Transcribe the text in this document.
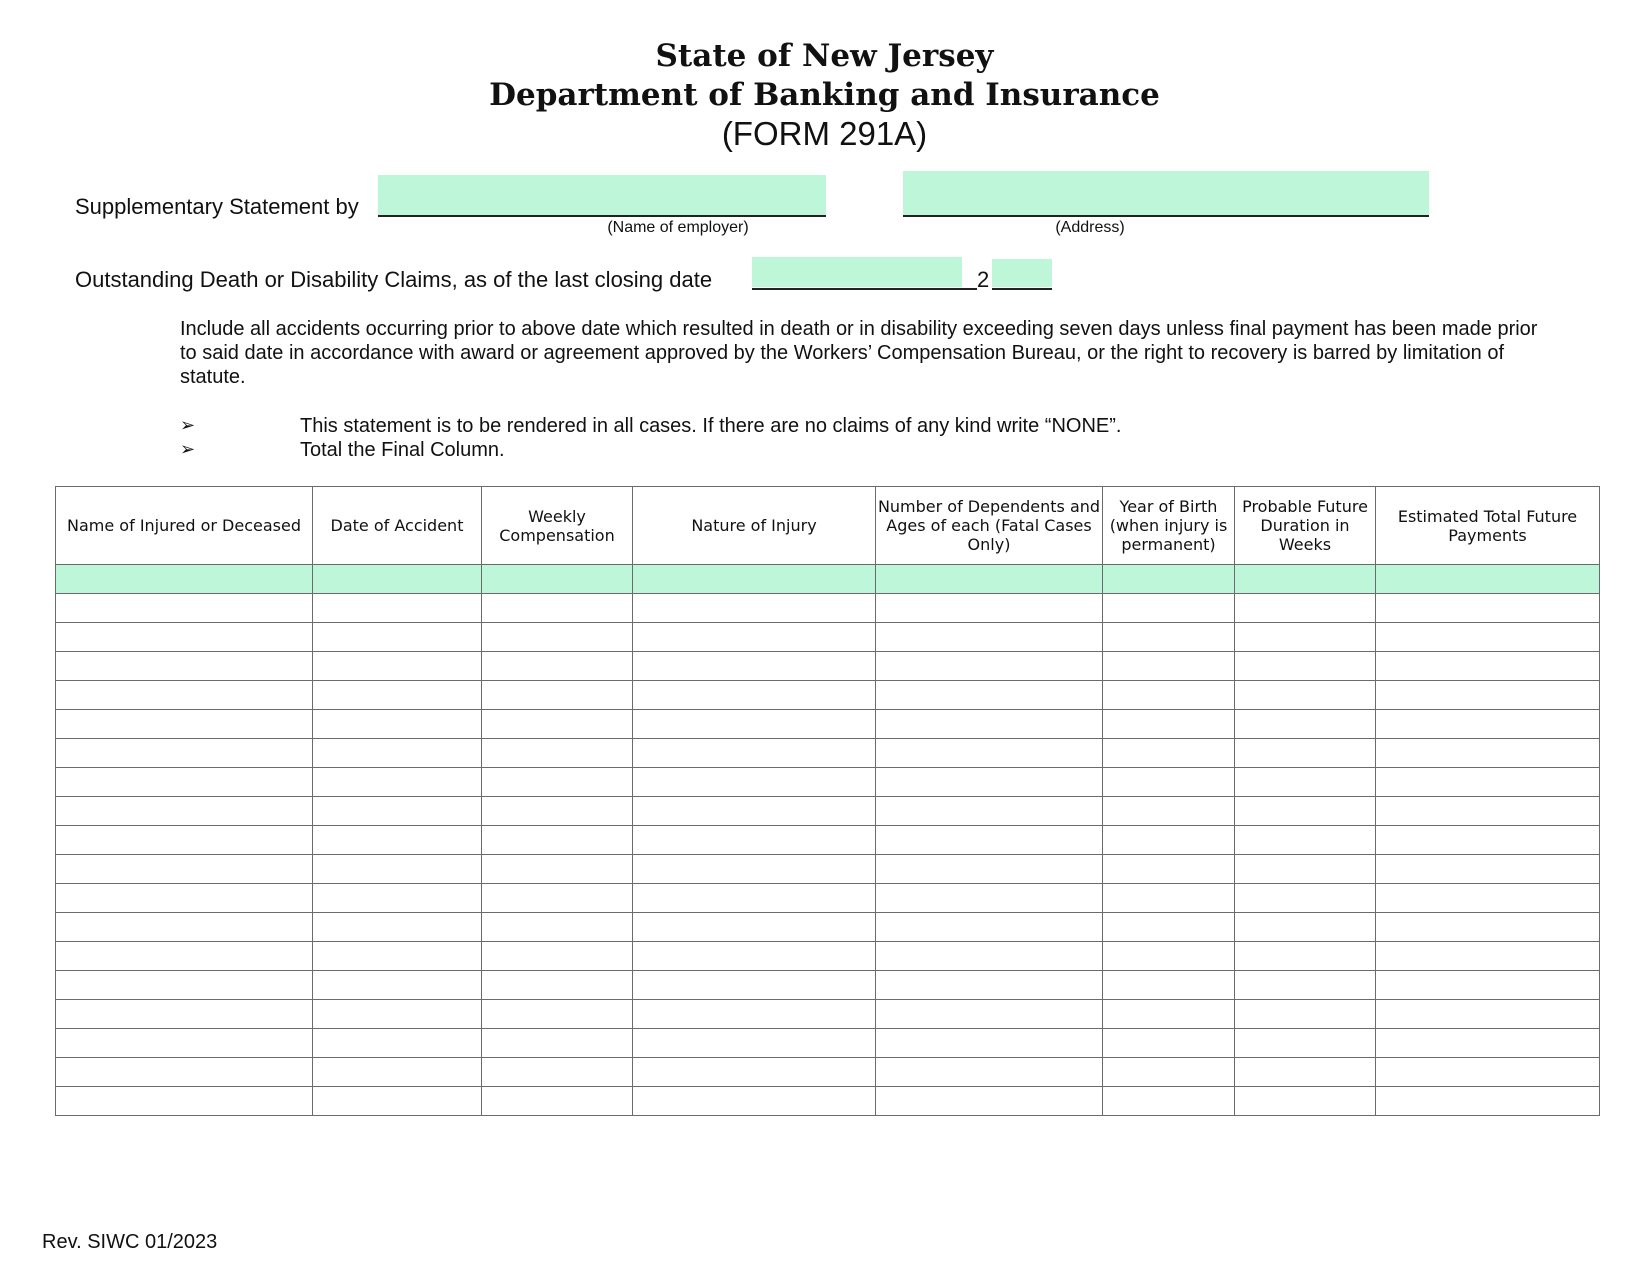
State of New Jersey
Department of Banking and Insurance
(FORM 291A)
Supplementary Statement by
(Name of employer)	(Address)
Outstanding Death or Disability Claims, as of the last closing date	2
Include all accidents occurring prior to above date which resulted in death or in disability exceeding seven days unless final payment has been made prior to said date in accordance with award or agreement approved by the Workers’ Compensation Bureau, or the right to recovery is barred by limitation of statute.
➢	This statement is to be rendered in all cases. If there are no claims of any kind write “NONE”.
➢	Total the Final Column.
Name of Injured or Deceased	Date of Accident	Weekly Compensation	Nature of Injury	Number of Dependents and Ages of each (Fatal Cases Only)	Year of Birth (when injury is permanent)	Probable Future Duration in Weeks	Estimated Total Future Payments

Rev. SIWC 01/2023
